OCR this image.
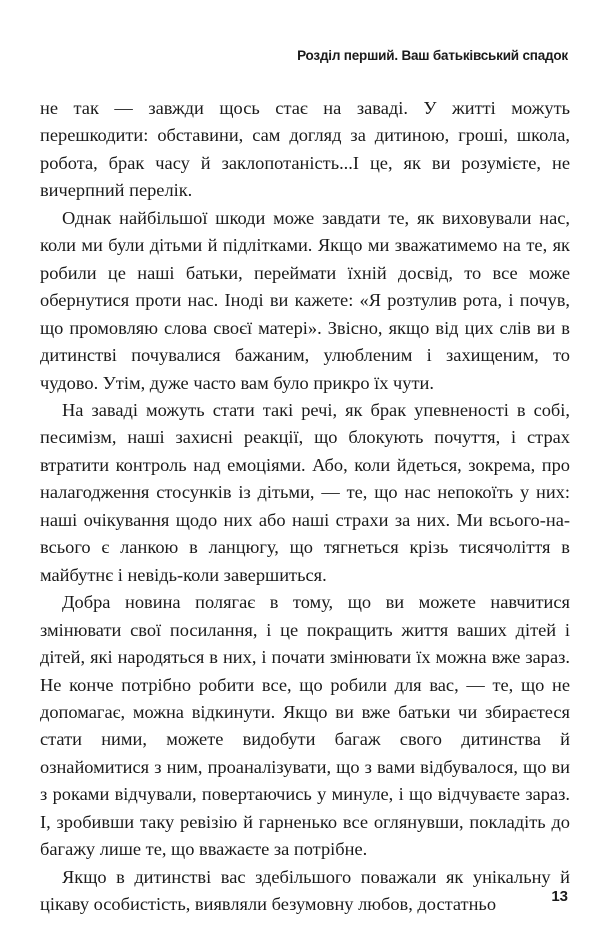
Розділ перший. Ваш батьківський спадок

не так — завжди щось стає на заваді. У житті можуть перешкодити: обставини, сам догляд за дитиною, гроші, школа, робота, брак часу й заклопотаність...І це, як ви розумієте, не вичерпний перелік.

Однак найбільшої шкоди може завдати те, як виховували нас, коли ми були дітьми й підлітками. Якщо ми зважатимемо на те, як робили це наші батьки, переймати їхній досвід, то все може обернутися проти нас. Іноді ви кажете: «Я розтулив рота, і почув, що промовляю слова своєї матері». Звісно, якщо від цих слів ви в дитинстві почувалися бажаним, улюбленим і захищеним, то чудово. Утім, дуже часто вам було прикро їх чути.

На заваді можуть стати такі речі, як брак упевненості в собі, песимізм, наші захисні реакції, що блокують почуття, і страх втратити контроль над емоціями. Або, коли йдеться, зокрема, про налагодження стосунків із дітьми, — те, що нас непокоїть у них: наші очікування щодо них або наші страхи за них. Ми всього-на-всього є ланкою в ланцюгу, що тягнеться крізь тисячоліття в майбутнє і невідь-коли завершиться.

Добра новина полягає в тому, що ви можете навчитися змінювати свої посилання, і це покращить життя ваших дітей і дітей, які народяться в них, і почати змінювати їх можна вже зараз. Не конче потрібно робити все, що робили для вас, — те, що не допомагає, можна відкинути. Якщо ви вже батьки чи збираєтеся стати ними, можете видобути багаж свого дитинства й ознайомитися з ним, проаналізувати, що з вами відбувалося, що ви з роками відчували, повертаючись у минуле, і що відчуваєте зараз. І, зробивши таку ревізію й гарненько все оглянувши, покладіть до багажу лише те, що вважаєте за потрібне.

Якщо в дитинстві вас здебільшого поважали як унікальну й цікаву особистість, виявляли безумовну любов, достатньо	13
